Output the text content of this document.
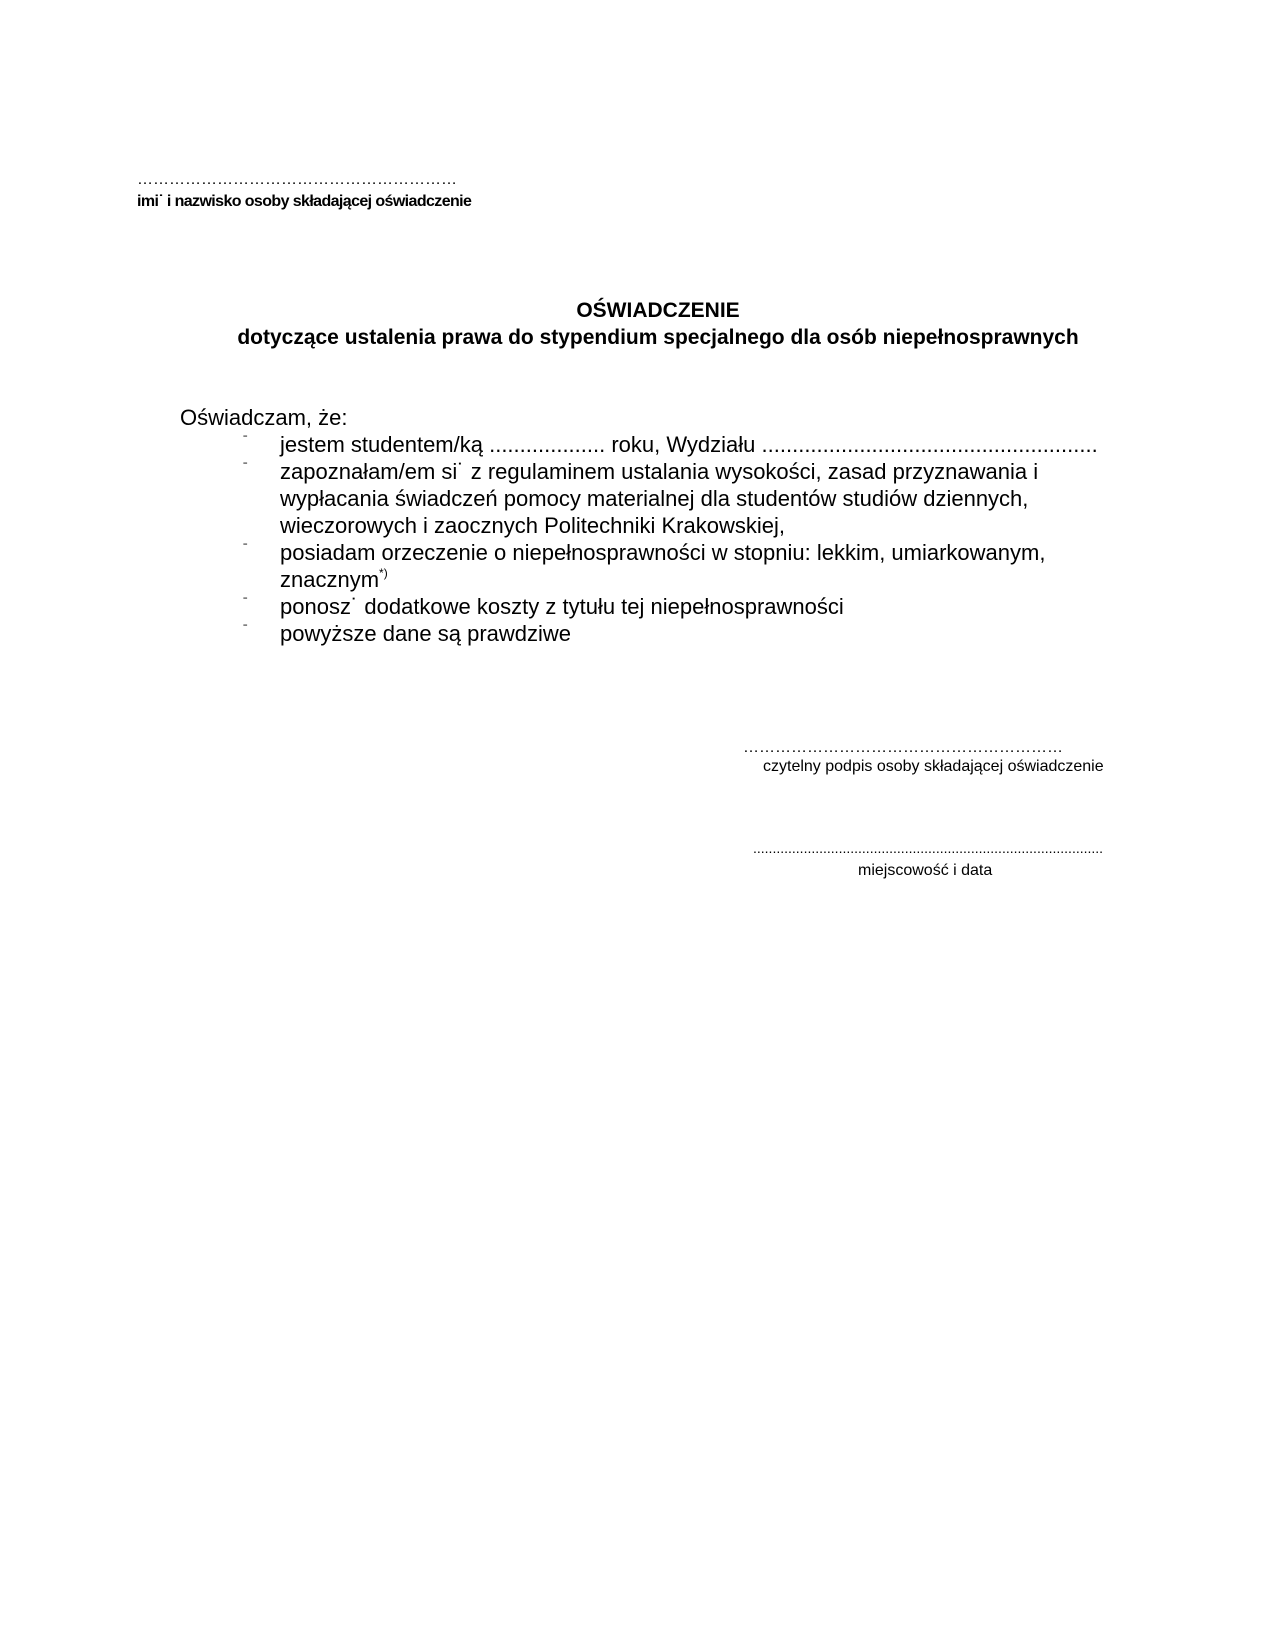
……………………………………………………
imi˙ i nazwisko osoby składającej oświadczenie
OŚWIADCZENIE
dotyczące ustalenia prawa do stypendium specjalnego dla osób niepełnosprawnych
Oświadczam, że:
ˉ jestem studentem/ką ................... roku, Wydziału .......................................................
ˉ zapoznałam/em si˙ z regulaminem ustalania wysokości, zasad przyznawania i
wypłacania świadczeń pomocy materialnej dla studentów studiów dziennych,
wieczorowych i zaocznych Politechniki Krakowskiej,
ˉ posiadam orzeczenie o niepełnosprawności w stopniu: lekkim, umiarkowanym,
znacznym*)
ˉ ponosz˙ dodatkowe koszty z tytułu tej niepełnosprawności
ˉ powyższe dane są prawdziwe
……………………………………………………
czytelny podpis osoby składającej oświadczenie
..........................................................................................
miejscowość i data
